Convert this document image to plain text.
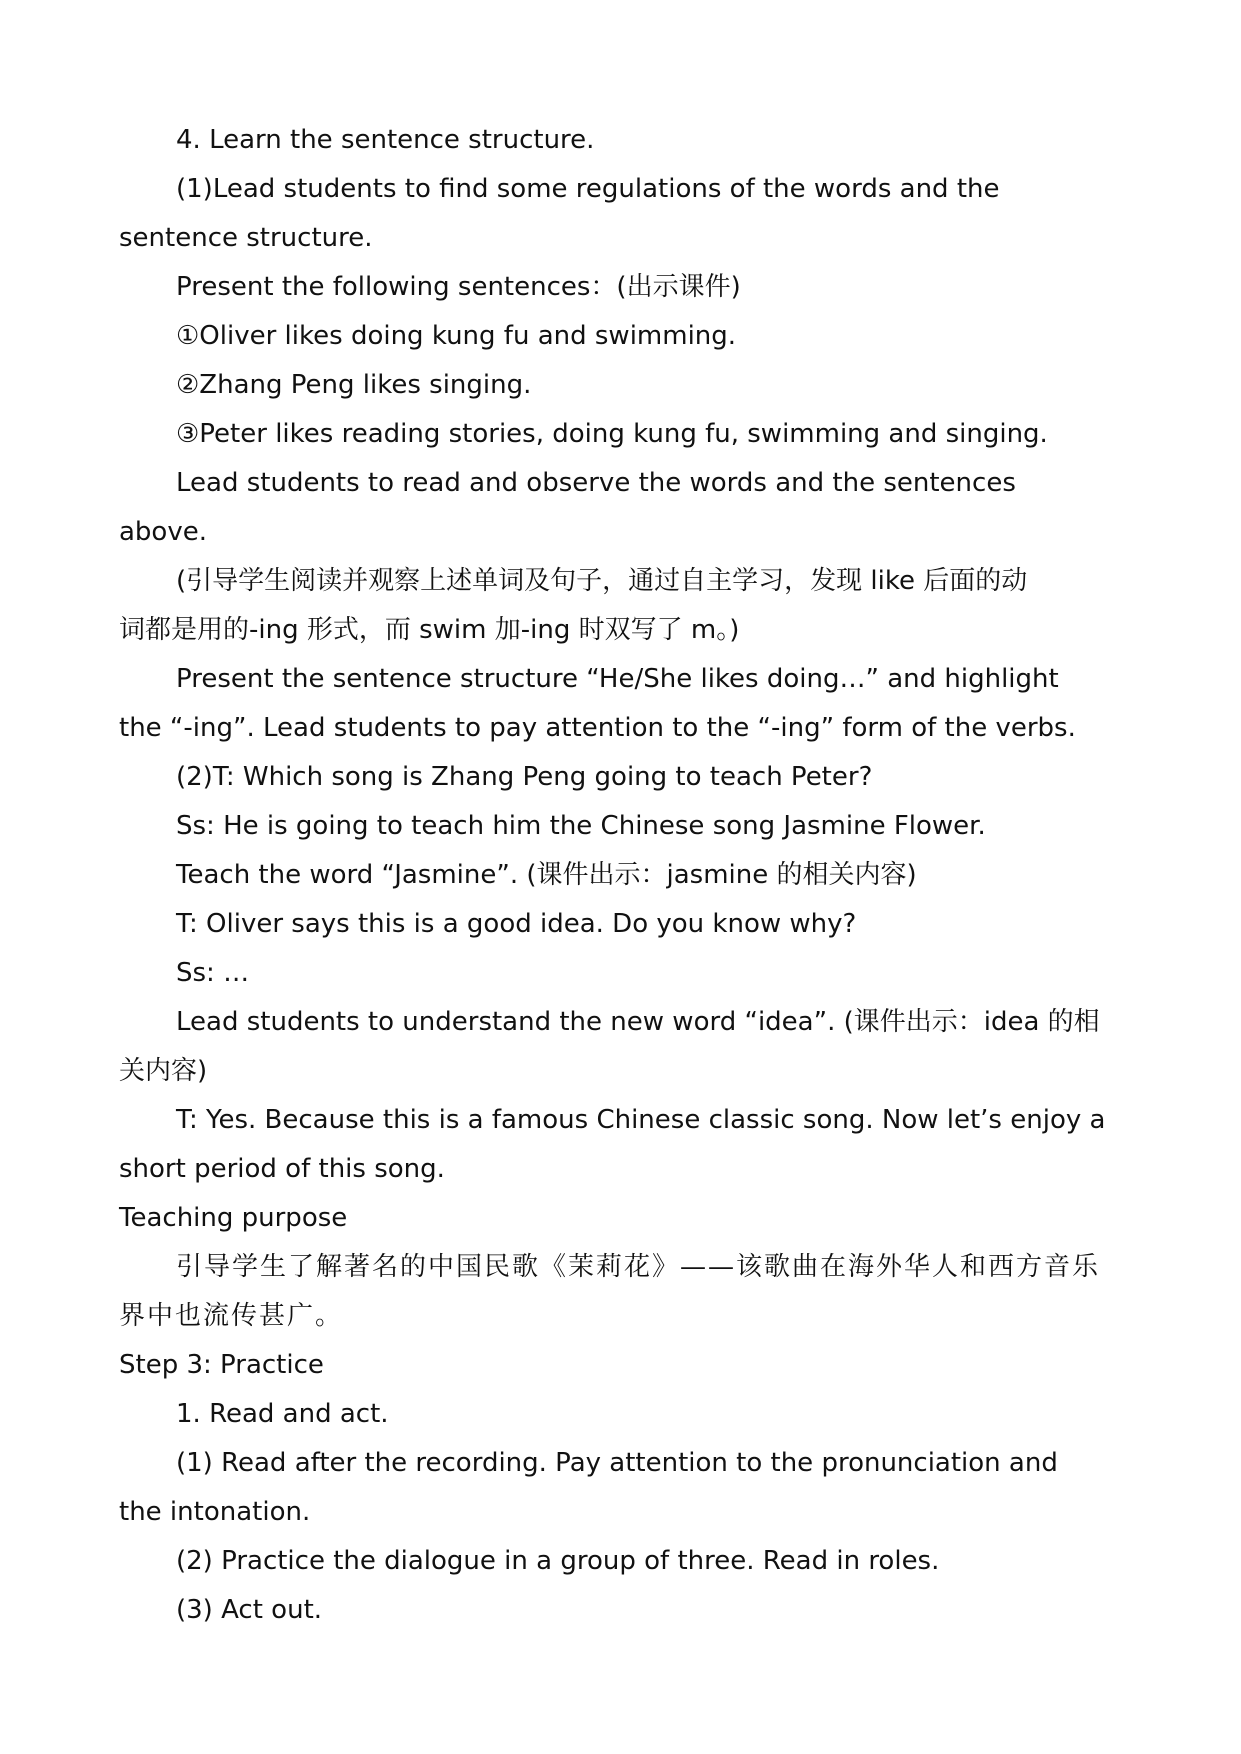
4. Learn the sentence structure.
(1)Lead students to find some regulations of the words and the
sentence structure.
Present the following sentences：(出示课件)
①Oliver likes doing kung fu and swimming.
②Zhang Peng likes singing.
③Peter likes reading stories, doing kung fu, swimming and singing.
Lead students to read and observe the words and the sentences
above.
(引导学生阅读并观察上述单词及句子，通过自主学习，发现 like 后面的动
词都是用的-ing 形式，而 swim 加-ing 时双写了 m。)
Present the sentence structure “He/She likes doing…” and highlight
the “-ing”. Lead students to pay attention to the “-ing” form of the verbs.
(2)T: Which song is Zhang Peng going to teach Peter?
Ss: He is going to teach him the Chinese song Jasmine Flower.
Teach the word “Jasmine”. (课件出示：jasmine 的相关内容)
T: Oliver says this is a good idea. Do you know why?
Ss: …
Lead students to understand the new word “idea”. (课件出示：idea 的相
关内容)
T: Yes. Because this is a famous Chinese classic song. Now let’s enjoy a
short period of this song.
Teaching purpose
引导学生了解著名的中国民歌《茉莉花》——该歌曲在海外华人和西方音乐
界中也流传甚广。
Step 3: Practice
1. Read and act.
(1) Read after the recording. Pay attention to the pronunciation and
the intonation.
(2) Practice the dialogue in a group of three. Read in roles.
(3) Act out.
